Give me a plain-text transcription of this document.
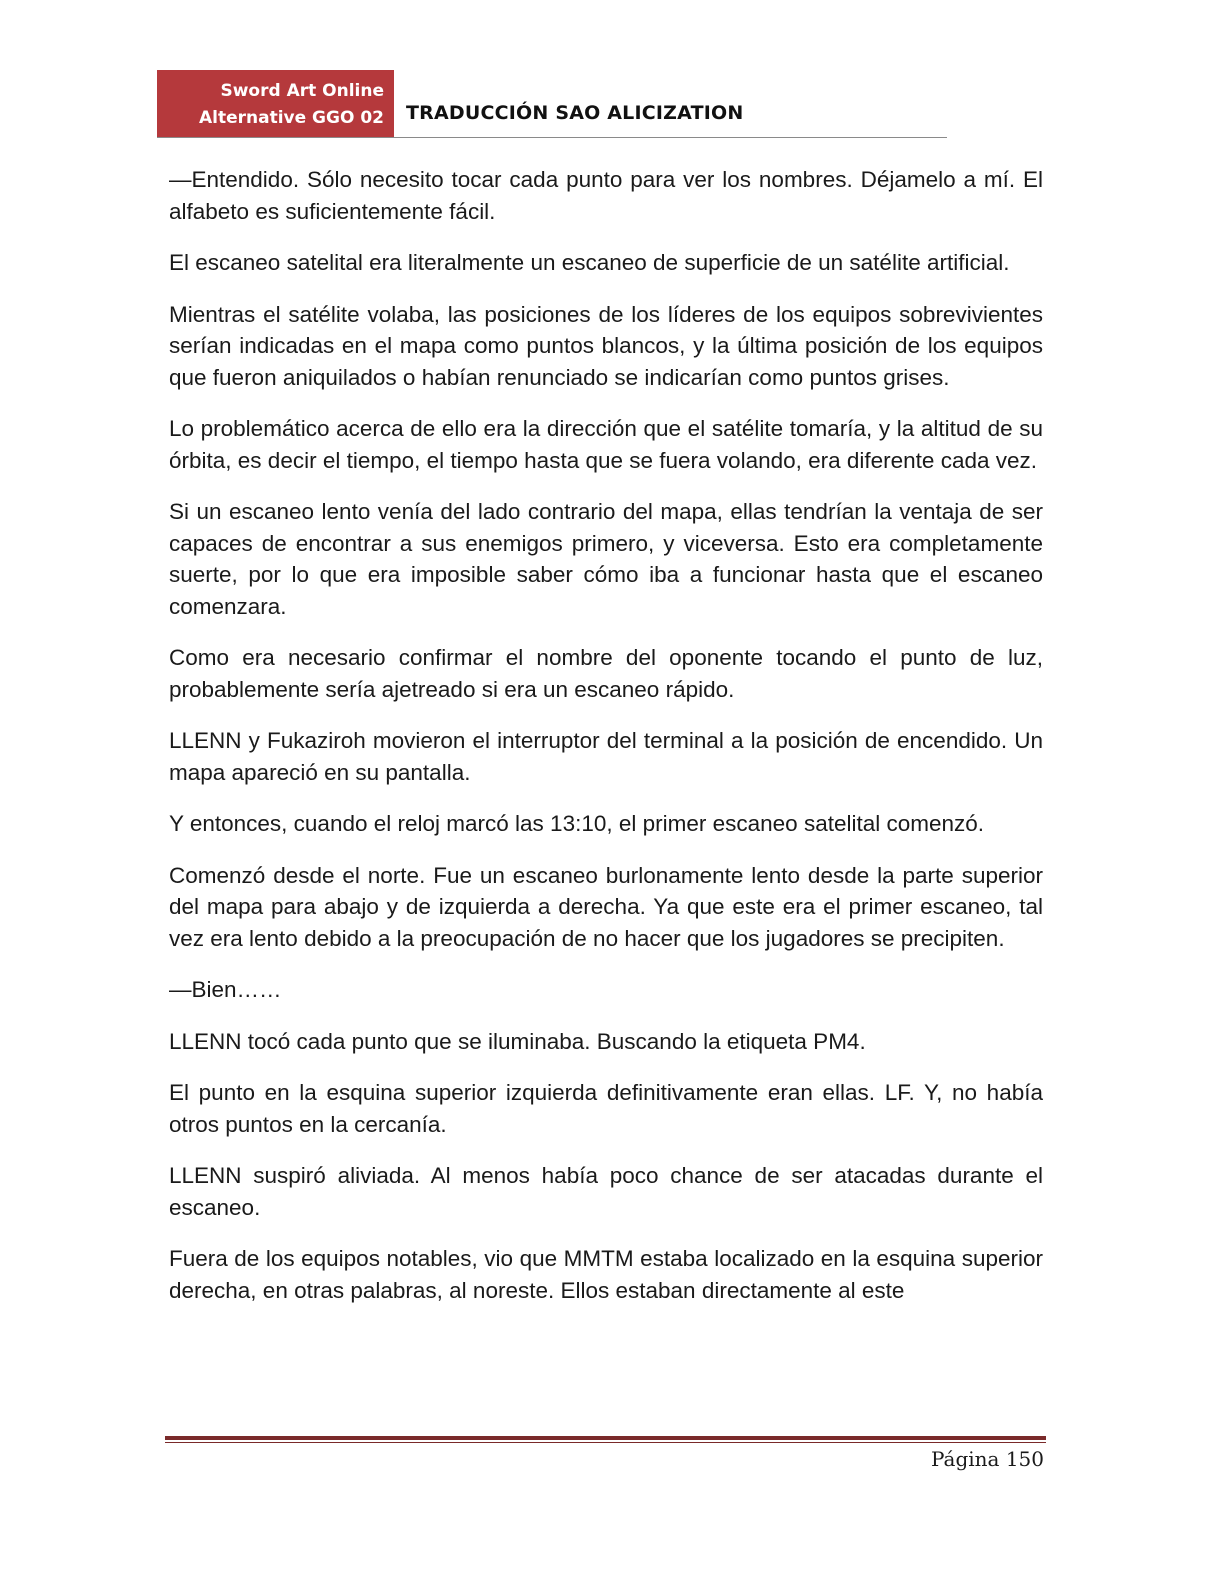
Sword Art Online
Alternative GGO 02 TRADUCCIÓN SAO ALICIZATION

—Entendido. Sólo necesito tocar cada punto para ver los nombres. Déjamelo a mí. El alfabeto es suficientemente fácil.

El escaneo satelital era literalmente un escaneo de superficie de un satélite artificial.

Mientras el satélite volaba, las posiciones de los líderes de los equipos sobrevivientes serían indicadas en el mapa como puntos blancos, y la última posición de los equipos que fueron aniquilados o habían renunciado se indicarían como puntos grises.

Lo problemático acerca de ello era la dirección que el satélite tomaría, y la altitud de su órbita, es decir el tiempo, el tiempo hasta que se fuera volando, era diferente cada vez.

Si un escaneo lento venía del lado contrario del mapa, ellas tendrían la ventaja de ser capaces de encontrar a sus enemigos primero, y viceversa. Esto era completamente suerte, por lo que era imposible saber cómo iba a funcionar hasta que el escaneo comenzara.

Como era necesario confirmar el nombre del oponente tocando el punto de luz, probablemente sería ajetreado si era un escaneo rápido.

LLENN y Fukaziroh movieron el interruptor del terminal a la posición de encendido. Un mapa apareció en su pantalla.

Y entonces, cuando el reloj marcó las 13:10, el primer escaneo satelital comenzó.

Comenzó desde el norte. Fue un escaneo burlonamente lento desde la parte superior del mapa para abajo y de izquierda a derecha. Ya que este era el primer escaneo, tal vez era lento debido a la preocupación de no hacer que los jugadores se precipiten.

—Bien……

LLENN tocó cada punto que se iluminaba. Buscando la etiqueta PM4.

El punto en la esquina superior izquierda definitivamente eran ellas. LF. Y, no había otros puntos en la cercanía.

LLENN suspiró aliviada. Al menos había poco chance de ser atacadas durante el escaneo.

Fuera de los equipos notables, vio que MMTM estaba localizado en la esquina superior derecha, en otras palabras, al noreste. Ellos estaban directamente al este

Página 150
